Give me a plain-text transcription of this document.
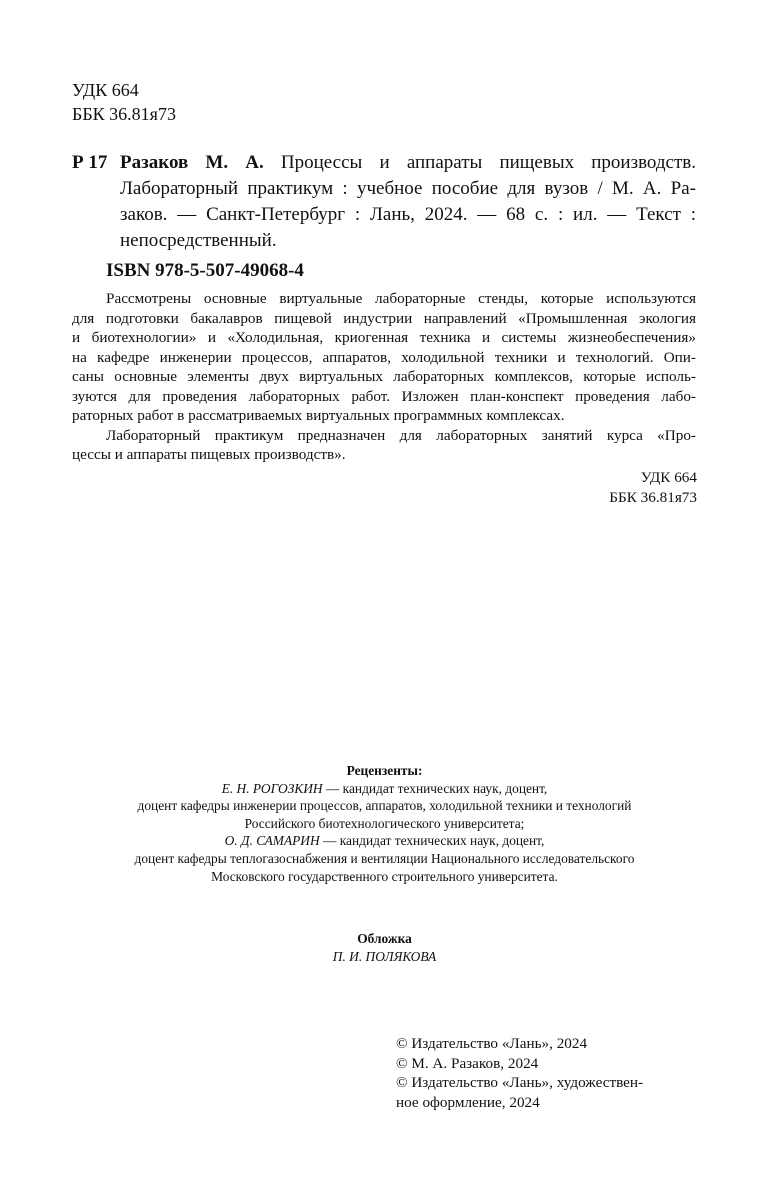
УДК 664
ББК 36.81я73
Р 17 Разаков М. А. Процессы и аппараты пищевых производств.
Лабораторный практикум : учебное пособие для вузов / М. А. Ра-
заков. — Санкт-Петербург : Лань, 2024. — 68 с. : ил. — Текст :
непосредственный.
ISBN 978-5-507-49068-4
Рассмотрены основные виртуальные лабораторные стенды, которые используются
для подготовки бакалавров пищевой индустрии направлений «Промышленная экология
и биотехнологии» и «Холодильная, криогенная техника и системы жизнеобеспечения»
на кафедре инженерии процессов, аппаратов, холодильной техники и технологий. Опи-
саны основные элементы двух виртуальных лабораторных комплексов, которые исполь-
зуются для проведения лабораторных работ. Изложен план-конспект проведения лабо-
раторных работ в рассматриваемых виртуальных программных комплексах.
Лабораторный практикум предназначен для лабораторных занятий курса «Про-
цессы и аппараты пищевых производств».
УДК 664
ББК 36.81я73
Рецензенты:
Е. Н. РОГОЗКИН — кандидат технических наук, доцент,
доцент кафедры инженерии процессов, аппаратов, холодильной техники и технологий
Российского биотехнологического университета;
О. Д. САМАРИН — кандидат технических наук, доцент,
доцент кафедры теплогазоснабжения и вентиляции Национального исследовательского
Московского государственного строительного университета.
Обложка
П. И. ПОЛЯКОВА
© Издательство «Лань», 2024
© М. А. Разаков, 2024
© Издательство «Лань», художествен-
ное оформление, 2024
